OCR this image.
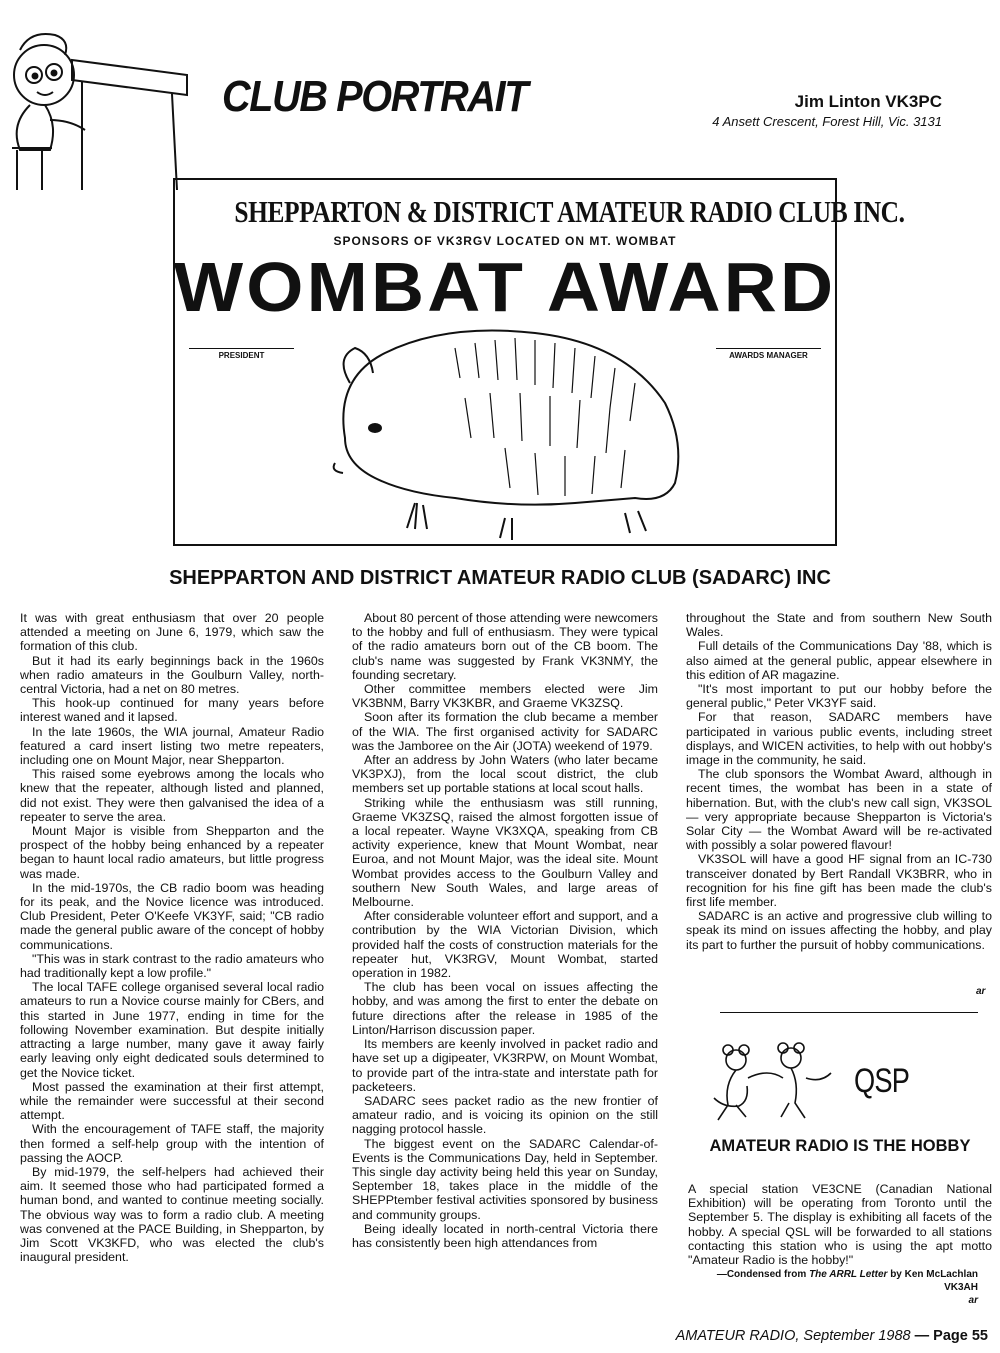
CLUB PORTRAIT	Jim Linton VK3PC
4 Ansett Crescent, Forest Hill, Vic. 3131
SHEPPARTON & DISTRICT AMATEUR RADIO CLUB INC.
SPONSORS OF VK3RGV LOCATED ON MT. WOMBAT
WOMBAT AWARD
PRESIDENT	AWARDS MANAGER
SHEPPARTON AND DISTRICT AMATEUR RADIO CLUB (SADARC) INC

It was with great enthusiasm that over 20 people attended a meeting on June 6, 1979, which saw the formation of this club.

But it had its early beginnings back in the 1960s when radio amateurs in the Goulburn Valley, north-central Victoria, had a net on 80 metres.

This hook-up continued for many years before interest waned and it lapsed.

In the late 1960s, the WIA journal, Amateur Radio featured a card insert listing two metre repeaters, including one on Mount Major, near Shepparton.

This raised some eyebrows among the locals who knew that the repeater, although listed and planned, did not exist. They were then galvanised the idea of a repeater to serve the area.

Mount Major is visible from Shepparton and the prospect of the hobby being enhanced by a repeater began to haunt local radio amateurs, but little progress was made.

In the mid-1970s, the CB radio boom was heading for its peak, and the Novice licence was introduced. Club President, Peter O'Keefe VK3YF, said; "CB radio made the general public aware of the concept of hobby communications.

"This was in stark contrast to the radio amateurs who had traditionally kept a low profile."

The local TAFE college organised several local radio amateurs to run a Novice course mainly for CBers, and this started in June 1977, ending in time for the following November examination. But despite initially attracting a large number, many gave it away fairly early leaving only eight dedicated souls determined to get the Novice ticket.

Most passed the examination at their first attempt, while the remainder were successful at their second attempt.

With the encouragement of TAFE staff, the majority then formed a self-help group with the intention of passing the AOCP.

By mid-1979, the self-helpers had achieved their aim. It seemed those who had participated formed a human bond, and wanted to continue meeting socially. The obvious way was to form a radio club. A meeting was convened at the PACE Building, in Shepparton, by Jim Scott VK3KFD, who was elected the club's inaugural president.

About 80 percent of those attending were newcomers to the hobby and full of enthusiasm. They were typical of the radio amateurs born out of the CB boom. The club's name was suggested by Frank VK3NMY, the founding secretary.

Other committee members elected were Jim VK3BNM, Barry VK3KBR, and Graeme VK3ZSQ.

Soon after its formation the club became a member of the WIA. The first organised activity for SADARC was the Jamboree on the Air (JOTA) weekend of 1979.

After an address by John Waters (who later became VK3PXJ), from the local scout district, the club members set up portable stations at local scout halls.

Striking while the enthusiasm was still running, Graeme VK3ZSQ, raised the almost forgotten issue of a local repeater. Wayne VK3XQA, speaking from CB activity experience, knew that Mount Wombat, near Euroa, and not Mount Major, was the ideal site. Mount Wombat provides access to the Goulburn Valley and southern New South Wales, and large areas of Melbourne.

After considerable volunteer effort and support, and a contribution by the WIA Victorian Division, which provided half the costs of construction materials for the repeater hut, VK3RGV, Mount Wombat, started operation in 1982.

The club has been vocal on issues affecting the hobby, and was among the first to enter the debate on future directions after the release in 1985 of the Linton/Harrison discussion paper.

Its members are keenly involved in packet radio and have set up a digipeater, VK3RPW, on Mount Wombat, to provide part of the intra-state and interstate path for packeteers.

SADARC sees packet radio as the new frontier of amateur radio, and is voicing its opinion on the still nagging protocol hassle.

The biggest event on the SADARC Calendar-of-Events is the Communications Day, held in September. This single day activity being held this year on Sunday, September 18, takes place in the middle of the SHEPPtember festival activities sponsored by business and community groups.

Being ideally located in north-central Victoria there has consistently been high attendances from

throughout the State and from southern New South Wales.

Full details of the Communications Day '88, which is also aimed at the general public, appear elsewhere in this edition of AR magazine.

"It's most important to put our hobby before the general public," Peter VK3YF said.

For that reason, SADARC members have participated in various public events, including street displays, and WICEN activities, to help with out hobby's image in the community, he said.

The club sponsors the Wombat Award, although in recent times, the wombat has been in a state of hibernation. But, with the club's new call sign, VK3SOL — very appropriate because Shepparton is Victoria's Solar City — the Wombat Award will be re-activated with possibly a solar powered flavour!

VK3SOL will have a good HF signal from an IC-730 transceiver donated by Bert Randall VK3BRR, who in recognition for his fine gift has been made the club's first life member.

SADARC is an active and progressive club willing to speak its mind on issues affecting the hobby, and play its part to further the pursuit of hobby communications.

ar
QSP
AMATEUR RADIO IS THE HOBBY
A special station VE3CNE (Canadian National Exhibition) will be operating from Toronto until the September 5. The display is exhibiting all facets of the hobby. A special QSL will be forwarded to all stations contacting this station who is using the apt motto "Amateur Radio is the hobby!"
—Condensed from The ARRL Letter by Ken McLachlan
VK3AH
ar
AMATEUR RADIO, September 1988 — Page 55
